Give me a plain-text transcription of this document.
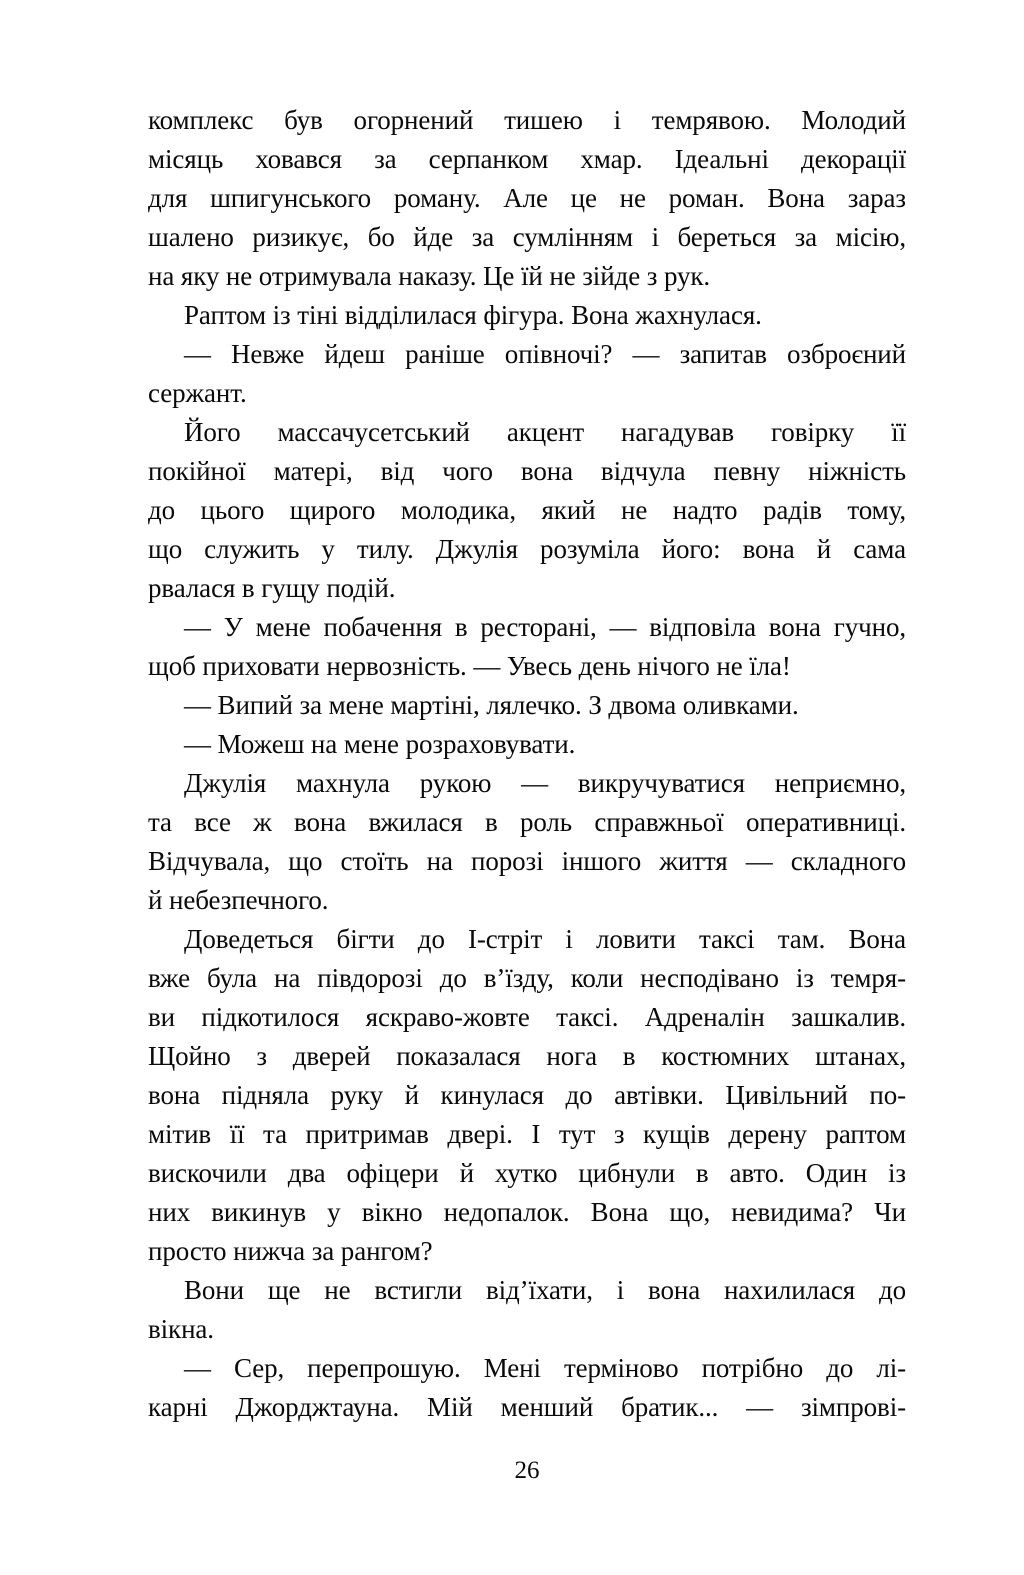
комплекс був огорнений тишею і темрявою. Молодий
місяць ховався за серпанком хмар. Ідеальні декорації
для шпигунського роману. Але це не роман. Вона зараз
шалено ризикує, бо йде за сумлінням і береться за місію,
на яку не отримувала наказу. Це їй не зійде з рук.

Раптом із тіні відділилася фігура. Вона жахнулася.

— Невже йдеш раніше опівночі? — запитав озброєний
сержант.

Його массачусетський акцент нагадував говірку її
покійної матері, від чого вона відчула певну ніжність
до цього щирого молодика, який не надто радів тому,
що служить у тилу. Джулія розуміла його: вона й сама
рвалася в гущу подій.

— У мене побачення в ресторані, — відповіла вона гучно,
щоб приховати нервозність. — Увесь день нічого не їла!

— Випий за мене мартіні, лялечко. З двома оливками.

— Можеш на мене розраховувати.

Джулія махнула рукою — викручуватися неприємно,
та все ж вона вжилася в роль справжньої оперативниці.
Відчувала, що стоїть на порозі іншого життя — складного
й небезпечного.

Доведеться бігти до І-стріт і ловити таксі там. Вона
вже була на півдорозі до в’їзду, коли несподівано із темря-
ви підкотилося яскраво-жовте таксі. Адреналін зашкалив.
Щойно з дверей показалася нога в костюмних штанах,
вона підняла руку й кинулася до автівки. Цивільний по-
мітив її та притримав двері. І тут з кущів дерену раптом
вискочили два офіцери й хутко цибнули в авто. Один із
них викинув у вікно недопалок. Вона що, невидима? Чи
просто нижча за рангом?

Вони ще не встигли від’їхати, і вона нахилилася до
вікна.

— Сер, перепрошую. Мені терміново потрібно до лі-
карні Джорджтауна. Мій менший братик... — зімпрові-

26
